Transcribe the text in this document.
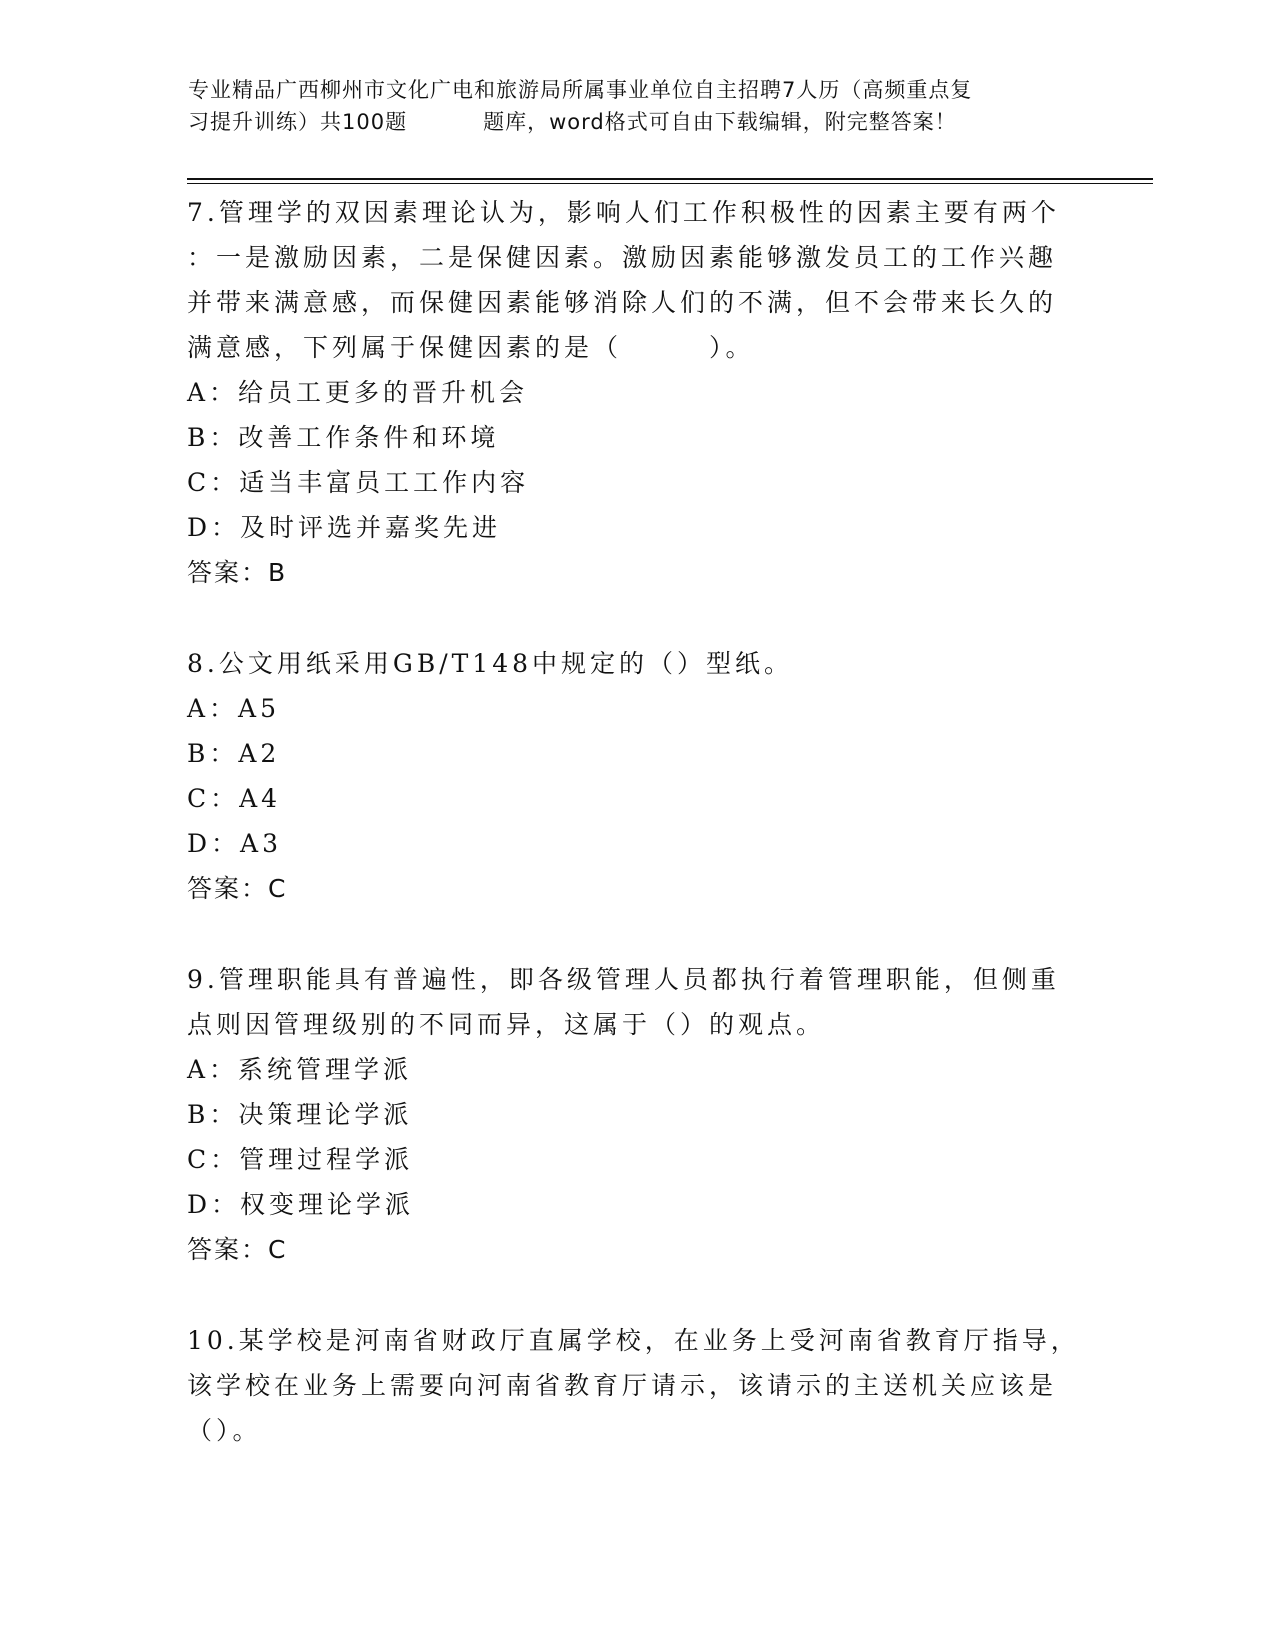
专业精品广西柳州市文化广电和旅游局所属事业单位自主招聘7人历（高频重点复
习提升训练）共100题	题库，word格式可自由下载编辑，附完整答案！
7.管理学的双因素理论认为，影响人们工作积极性的因素主要有两个
：一是激励因素，二是保健因素。激励因素能够激发员工的工作兴趣
并带来满意感，而保健因素能够消除人们的不满，但不会带来长久的
满意感，下列属于保健因素的是（　　　）。
A：给员工更多的晋升机会
B：改善工作条件和环境
C：适当丰富员工工作内容
D：及时评选并嘉奖先进
答案：B
8.公文用纸采用GB/T148中规定的（）型纸。
A：A5
B：A2
C：A4
D：A3
答案：C
9.管理职能具有普遍性，即各级管理人员都执行着管理职能，但侧重
点则因管理级别的不同而异，这属于（）的观点。
A：系统管理学派
B：决策理论学派
C：管理过程学派
D：权变理论学派
答案：C
10.某学校是河南省财政厅直属学校，在业务上受河南省教育厅指导，
该学校在业务上需要向河南省教育厅请示，该请示的主送机关应该是
（）。
